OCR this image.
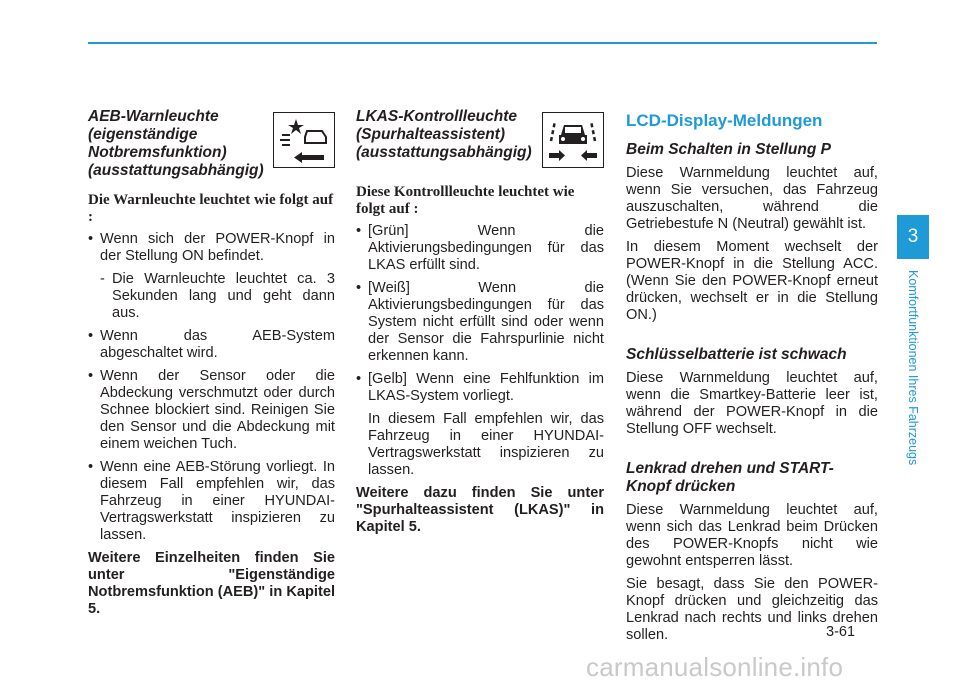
AEB-Warnleuchte (eigenständige Notbremsfunktion) (ausstattungsabhängig)
Die Warnleuchte leuchtet wie folgt auf :
• Wenn sich der POWER-Knopf in der Stellung ON befindet.
- Die Warnleuchte leuchtet ca. 3 Sekunden lang und geht dann aus.
• Wenn das AEB-System abgeschaltet wird.
• Wenn der Sensor oder die Abdeckung verschmutzt oder durch Schnee blockiert sind. Reinigen Sie den Sensor und die Abdeckung mit einem weichen Tuch.
• Wenn eine AEB-Störung vorliegt. In diesem Fall empfehlen wir, das Fahrzeug in einer HYUNDAI-Vertragswerkstatt inspizieren zu lassen.
Weitere Einzelheiten finden Sie unter "Eigenständige Notbremsfunktion (AEB)" in Kapitel 5.
LKAS-Kontrollleuchte (Spurhalteassistent) (ausstattungsabhängig)
Diese Kontrollleuchte leuchtet wie folgt auf :
• [Grün] Wenn die Aktivierungsbedingungen für das LKAS erfüllt sind.
• [Weiß] Wenn die Aktivierungsbedingungen für das System nicht erfüllt sind oder wenn der Sensor die Fahrspurlinie nicht erkennen kann.
• [Gelb] Wenn eine Fehlfunktion im LKAS-System vorliegt.
In diesem Fall empfehlen wir, das Fahrzeug in einer HYUNDAI-Vertragswerkstatt inspizieren zu lassen.
Weitere dazu finden Sie unter "Spurhalteassistent (LKAS)" in Kapitel 5.
LCD-Display-Meldungen
Beim Schalten in Stellung P
Diese Warnmeldung leuchtet auf, wenn Sie versuchen, das Fahrzeug auszuschalten, während die Getriebestufe N (Neutral) gewählt ist.
In diesem Moment wechselt der POWER-Knopf in die Stellung ACC. (Wenn Sie den POWER-Knopf erneut drücken, wechselt er in die Stellung ON.)
Schlüsselbatterie ist schwach
Diese Warnmeldung leuchtet auf, wenn die Smartkey-Batterie leer ist, während der POWER-Knopf in die Stellung OFF wechselt.
Lenkrad drehen und START-Knopf drücken
Diese Warnmeldung leuchtet auf, wenn sich das Lenkrad beim Drücken des POWER-Knopfs nicht wie gewohnt entsperren lässt.
Sie besagt, dass Sie den POWER-Knopf drücken und gleichzeitig das Lenkrad nach rechts und links drehen sollen.
3
Komfortfunktionen Ihres Fahrzeugs
3-61
carmanualsonline.info
